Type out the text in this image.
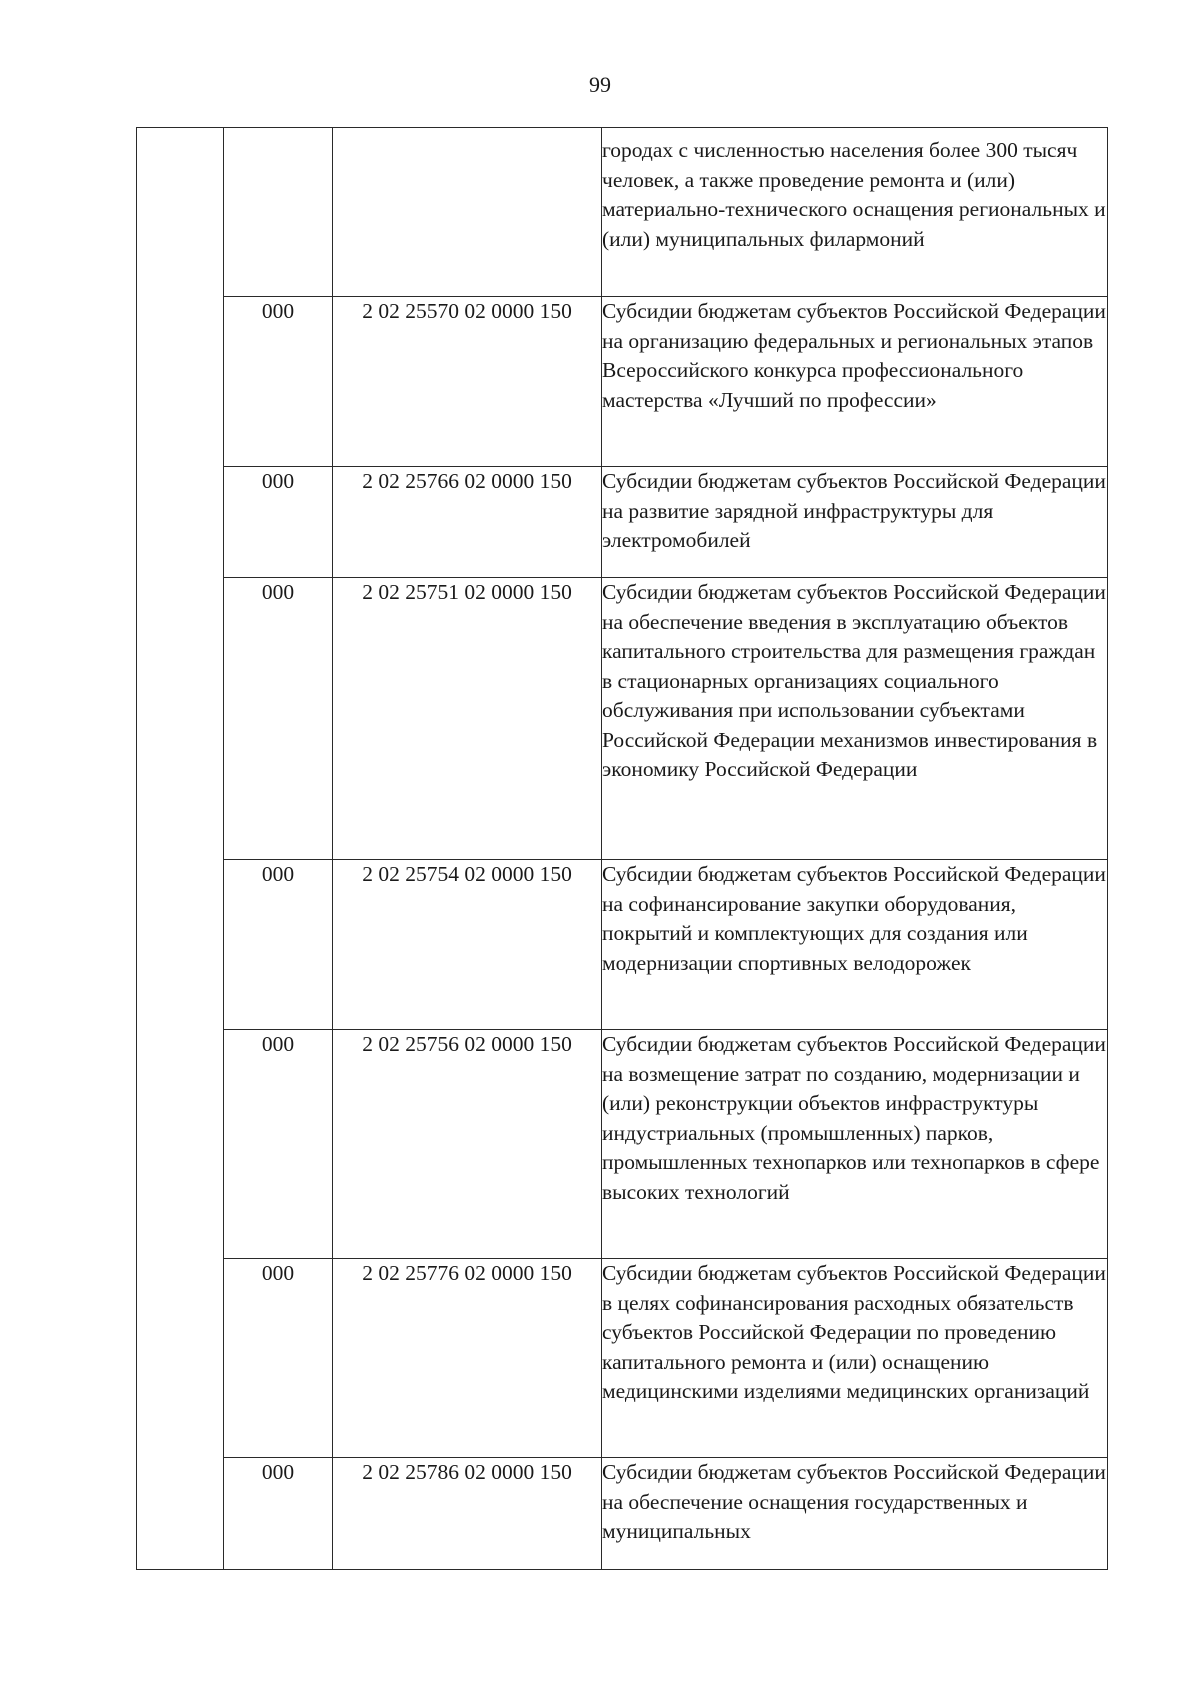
99
			городах с численностью населения более 300 тысяч человек, а также проведение ремонта и (или) материально-технического оснащения региональных и (или) муниципальных филармоний
	000	2 02 25570 02 0000 150	Субсидии бюджетам субъектов Российской Федерации на организацию федеральных и региональных этапов Всероссийского конкурса профессионального мастерства «Лучший по профессии»
	000	2 02 25766 02 0000 150	Субсидии бюджетам субъектов Российской Федерации на развитие зарядной инфраструктуры для электромобилей
	000	2 02 25751 02 0000 150	Субсидии бюджетам субъектов Российской Федерации на обеспечение введения в эксплуатацию объектов капитального строительства для размещения граждан в стационарных организациях социального обслуживания при использовании субъектами Российской Федерации механизмов инвестирования в экономику Российской Федерации
	000	2 02 25754 02 0000 150	Субсидии бюджетам субъектов Российской Федерации на софинансирование закупки оборудования, покрытий и комплектующих для создания или модернизации спортивных велодорожек
	000	2 02 25756 02 0000 150	Субсидии бюджетам субъектов Российской Федерации на возмещение затрат по созданию, модернизации и (или) реконструкции объектов инфраструктуры индустриальных (промышленных) парков, промышленных технопарков или технопарков в сфере высоких технологий
	000	2 02 25776 02 0000 150	Субсидии бюджетам субъектов Российской Федерации в целях софинансирования расходных обязательств субъектов Российской Федерации по проведению капитального ремонта и (или) оснащению медицинскими изделиями медицинских организаций
	000	2 02 25786 02 0000 150	Субсидии бюджетам субъектов Российской Федерации на обеспечение оснащения государственных и муниципальных
